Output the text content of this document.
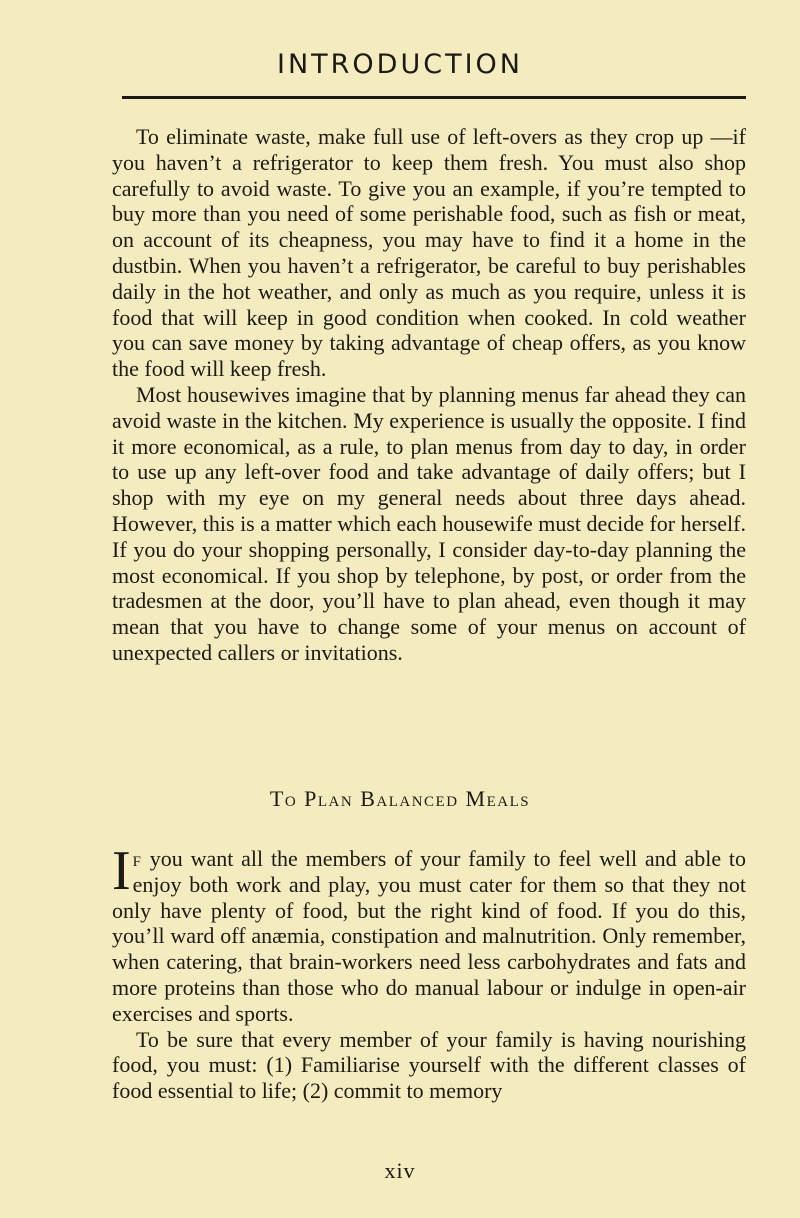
INTRODUCTION

To eliminate waste, make full use of left-overs as they crop up —if you haven’t a refrigerator to keep them fresh. You must also shop carefully to avoid waste. To give you an example, if you’re tempted to buy more than you need of some perishable food, such as fish or meat, on account of its cheapness, you may have to find it a home in the dustbin. When you haven’t a refrigerator, be careful to buy perishables daily in the hot weather, and only as much as you require, unless it is food that will keep in good condition when cooked. In cold weather you can save money by taking advantage of cheap offers, as you know the food will keep fresh.

Most housewives imagine that by planning menus far ahead they can avoid waste in the kitchen. My experience is usually the opposite. I find it more economical, as a rule, to plan menus from day to day, in order to use up any left-over food and take advantage of daily offers; but I shop with my eye on my general needs about three days ahead. However, this is a matter which each housewife must decide for herself. If you do your shopping personally, I consider day-to-day planning the most economical. If you shop by telephone, by post, or order from the tradesmen at the door, you’ll have to plan ahead, even though it may mean that you have to change some of your menus on account of unexpected callers or invitations.

To Plan Balanced Meals

If you want all the members of your family to feel well and able to enjoy both work and play, you must cater for them so that they not only have plenty of food, but the right kind of food. If you do this, you’ll ward off anæmia, constipation and malnutrition. Only remember, when catering, that brain-workers need less carbohydrates and fats and more proteins than those who do manual labour or indulge in open-air exercises and sports.

To be sure that every member of your family is having nourishing food, you must: (1) Familiarise yourself with the different classes of food essential to life; (2) commit to memory

xiv
